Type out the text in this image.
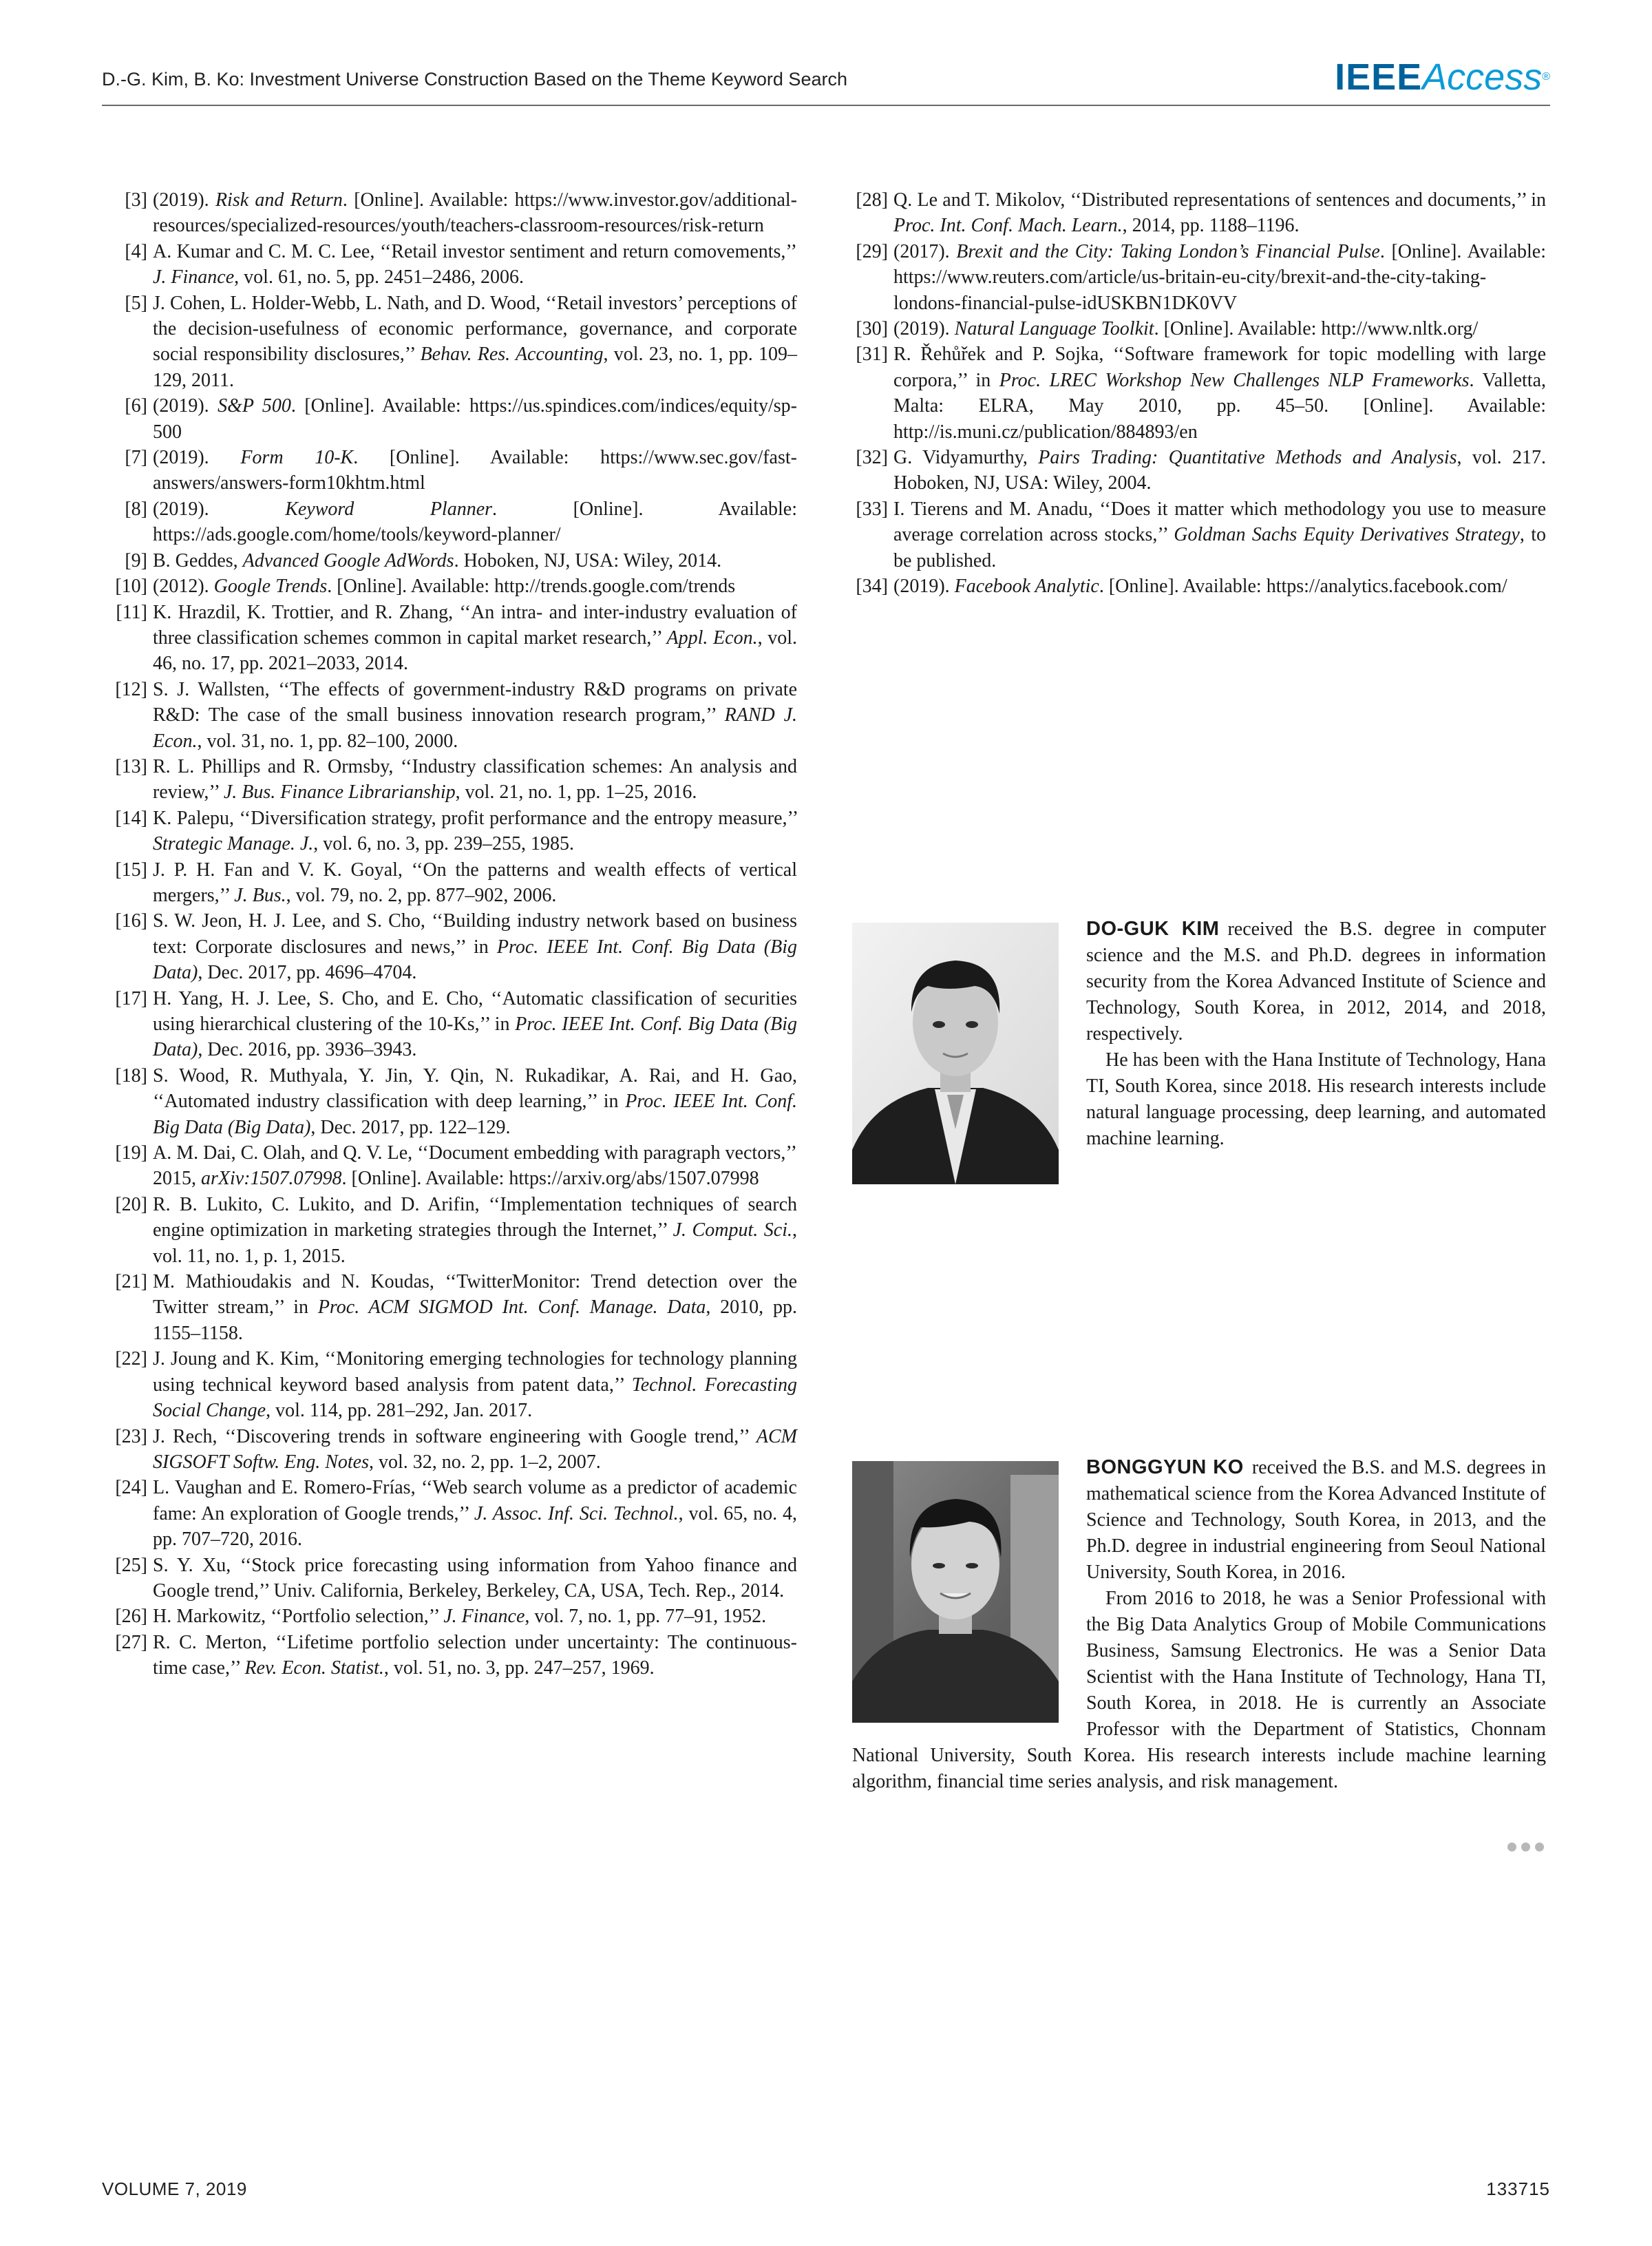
D.-G. Kim, B. Ko: Investment Universe Construction Based on the Theme Keyword Search	IEEEAccess®
[3] (2019). Risk and Return. [Online]. Available: https://www.investor.gov/additional-resources/specialized-resources/youth/teachers-classroom-resources/risk-return
[4] A. Kumar and C. M. C. Lee, ‘‘Retail investor sentiment and return comovements,’’ J. Finance, vol. 61, no. 5, pp. 2451–2486, 2006.
[5] J. Cohen, L. Holder-Webb, L. Nath, and D. Wood, ‘‘Retail investors’ perceptions of the decision-usefulness of economic performance, governance, and corporate social responsibility disclosures,’’ Behav. Res. Accounting, vol. 23, no. 1, pp. 109–129, 2011.
[6] (2019). S&P 500. [Online]. Available: https://us.spindices.com/indices/equity/sp-500
[7] (2019). Form 10-K. [Online]. Available: https://www.sec.gov/fast-answers/answers-form10khtm.html
[8] (2019). Keyword Planner. [Online]. Available: https://ads.google.com/home/tools/keyword-planner/
[9] B. Geddes, Advanced Google AdWords. Hoboken, NJ, USA: Wiley, 2014.
[10] (2012). Google Trends. [Online]. Available: http://trends.google.com/trends
[11] K. Hrazdil, K. Trottier, and R. Zhang, ‘‘An intra- and inter-industry evaluation of three classification schemes common in capital market research,’’ Appl. Econ., vol. 46, no. 17, pp. 2021–2033, 2014.
[12] S. J. Wallsten, ‘‘The effects of government-industry R&D programs on private R&D: The case of the small business innovation research program,’’ RAND J. Econ., vol. 31, no. 1, pp. 82–100, 2000.
[13] R. L. Phillips and R. Ormsby, ‘‘Industry classification schemes: An analysis and review,’’ J. Bus. Finance Librarianship, vol. 21, no. 1, pp. 1–25, 2016.
[14] K. Palepu, ‘‘Diversification strategy, profit performance and the entropy measure,’’ Strategic Manage. J., vol. 6, no. 3, pp. 239–255, 1985.
[15] J. P. H. Fan and V. K. Goyal, ‘‘On the patterns and wealth effects of vertical mergers,’’ J. Bus., vol. 79, no. 2, pp. 877–902, 2006.
[16] S. W. Jeon, H. J. Lee, and S. Cho, ‘‘Building industry network based on business text: Corporate disclosures and news,’’ in Proc. IEEE Int. Conf. Big Data (Big Data), Dec. 2017, pp. 4696–4704.
[17] H. Yang, H. J. Lee, S. Cho, and E. Cho, ‘‘Automatic classification of securities using hierarchical clustering of the 10-Ks,’’ in Proc. IEEE Int. Conf. Big Data (Big Data), Dec. 2016, pp. 3936–3943.
[18] S. Wood, R. Muthyala, Y. Jin, Y. Qin, N. Rukadikar, A. Rai, and H. Gao, ‘‘Automated industry classification with deep learning,’’ in Proc. IEEE Int. Conf. Big Data (Big Data), Dec. 2017, pp. 122–129.
[19] A. M. Dai, C. Olah, and Q. V. Le, ‘‘Document embedding with paragraph vectors,’’ 2015, arXiv:1507.07998. [Online]. Available: https://arxiv.org/abs/1507.07998
[20] R. B. Lukito, C. Lukito, and D. Arifin, ‘‘Implementation techniques of search engine optimization in marketing strategies through the Internet,’’ J. Comput. Sci., vol. 11, no. 1, p. 1, 2015.
[21] M. Mathioudakis and N. Koudas, ‘‘TwitterMonitor: Trend detection over the Twitter stream,’’ in Proc. ACM SIGMOD Int. Conf. Manage. Data, 2010, pp. 1155–1158.
[22] J. Joung and K. Kim, ‘‘Monitoring emerging technologies for technology planning using technical keyword based analysis from patent data,’’ Technol. Forecasting Social Change, vol. 114, pp. 281–292, Jan. 2017.
[23] J. Rech, ‘‘Discovering trends in software engineering with Google trend,’’ ACM SIGSOFT Softw. Eng. Notes, vol. 32, no. 2, pp. 1–2, 2007.
[24] L. Vaughan and E. Romero-Frías, ‘‘Web search volume as a predictor of academic fame: An exploration of Google trends,’’ J. Assoc. Inf. Sci. Technol., vol. 65, no. 4, pp. 707–720, 2016.
[25] S. Y. Xu, ‘‘Stock price forecasting using information from Yahoo finance and Google trend,’’ Univ. California, Berkeley, Berkeley, CA, USA, Tech. Rep., 2014.
[26] H. Markowitz, ‘‘Portfolio selection,’’ J. Finance, vol. 7, no. 1, pp. 77–91, 1952.
[27] R. C. Merton, ‘‘Lifetime portfolio selection under uncertainty: The continuous-time case,’’ Rev. Econ. Statist., vol. 51, no. 3, pp. 247–257, 1969.
[28] Q. Le and T. Mikolov, ‘‘Distributed representations of sentences and documents,’’ in Proc. Int. Conf. Mach. Learn., 2014, pp. 1188–1196.
[29] (2017). Brexit and the City: Taking London’s Financial Pulse. [Online]. Available: https://www.reuters.com/article/us-britain-eu-city/brexit-and-the-city-taking-londons-financial-pulse-idUSKBN1DK0VV
[30] (2019). Natural Language Toolkit. [Online]. Available: http://www.nltk.org/
[31] R. Řehůřek and P. Sojka, ‘‘Software framework for topic modelling with large corpora,’’ in Proc. LREC Workshop New Challenges NLP Frameworks. Valletta, Malta: ELRA, May 2010, pp. 45–50. [Online]. Available: http://is.muni.cz/publication/884893/en
[32] G. Vidyamurthy, Pairs Trading: Quantitative Methods and Analysis, vol. 217. Hoboken, NJ, USA: Wiley, 2004.
[33] I. Tierens and M. Anadu, ‘‘Does it matter which methodology you use to measure average correlation across stocks,’’ Goldman Sachs Equity Derivatives Strategy, to be published.
[34] (2019). Facebook Analytic. [Online]. Available: https://analytics.facebook.com/

DO-GUK KIM received the B.S. degree in computer science and the M.S. and Ph.D. degrees in information security from the Korea Advanced Institute of Science and Technology, South Korea, in 2012, 2014, and 2018, respectively.

He has been with the Hana Institute of Technology, Hana TI, South Korea, since 2018. His research interests include natural language processing, deep learning, and automated machine learning.

BONGGYUN KO received the B.S. and M.S. degrees in mathematical science from the Korea Advanced Institute of Science and Technology, South Korea, in 2013, and the Ph.D. degree in industrial engineering from Seoul National University, South Korea, in 2016.

From 2016 to 2018, he was a Senior Professional with the Big Data Analytics Group of Mobile Communications Business, Samsung Electronics. He was a Senior Data Scientist with the Hana Institute of Technology, Hana TI, South Korea, in 2018. He is currently an Associate Professor with the Department of Statistics, Chonnam National University, South Korea. His research interests include machine learning algorithm, financial time series analysis, and risk management.

VOLUME 7, 2019	133715
